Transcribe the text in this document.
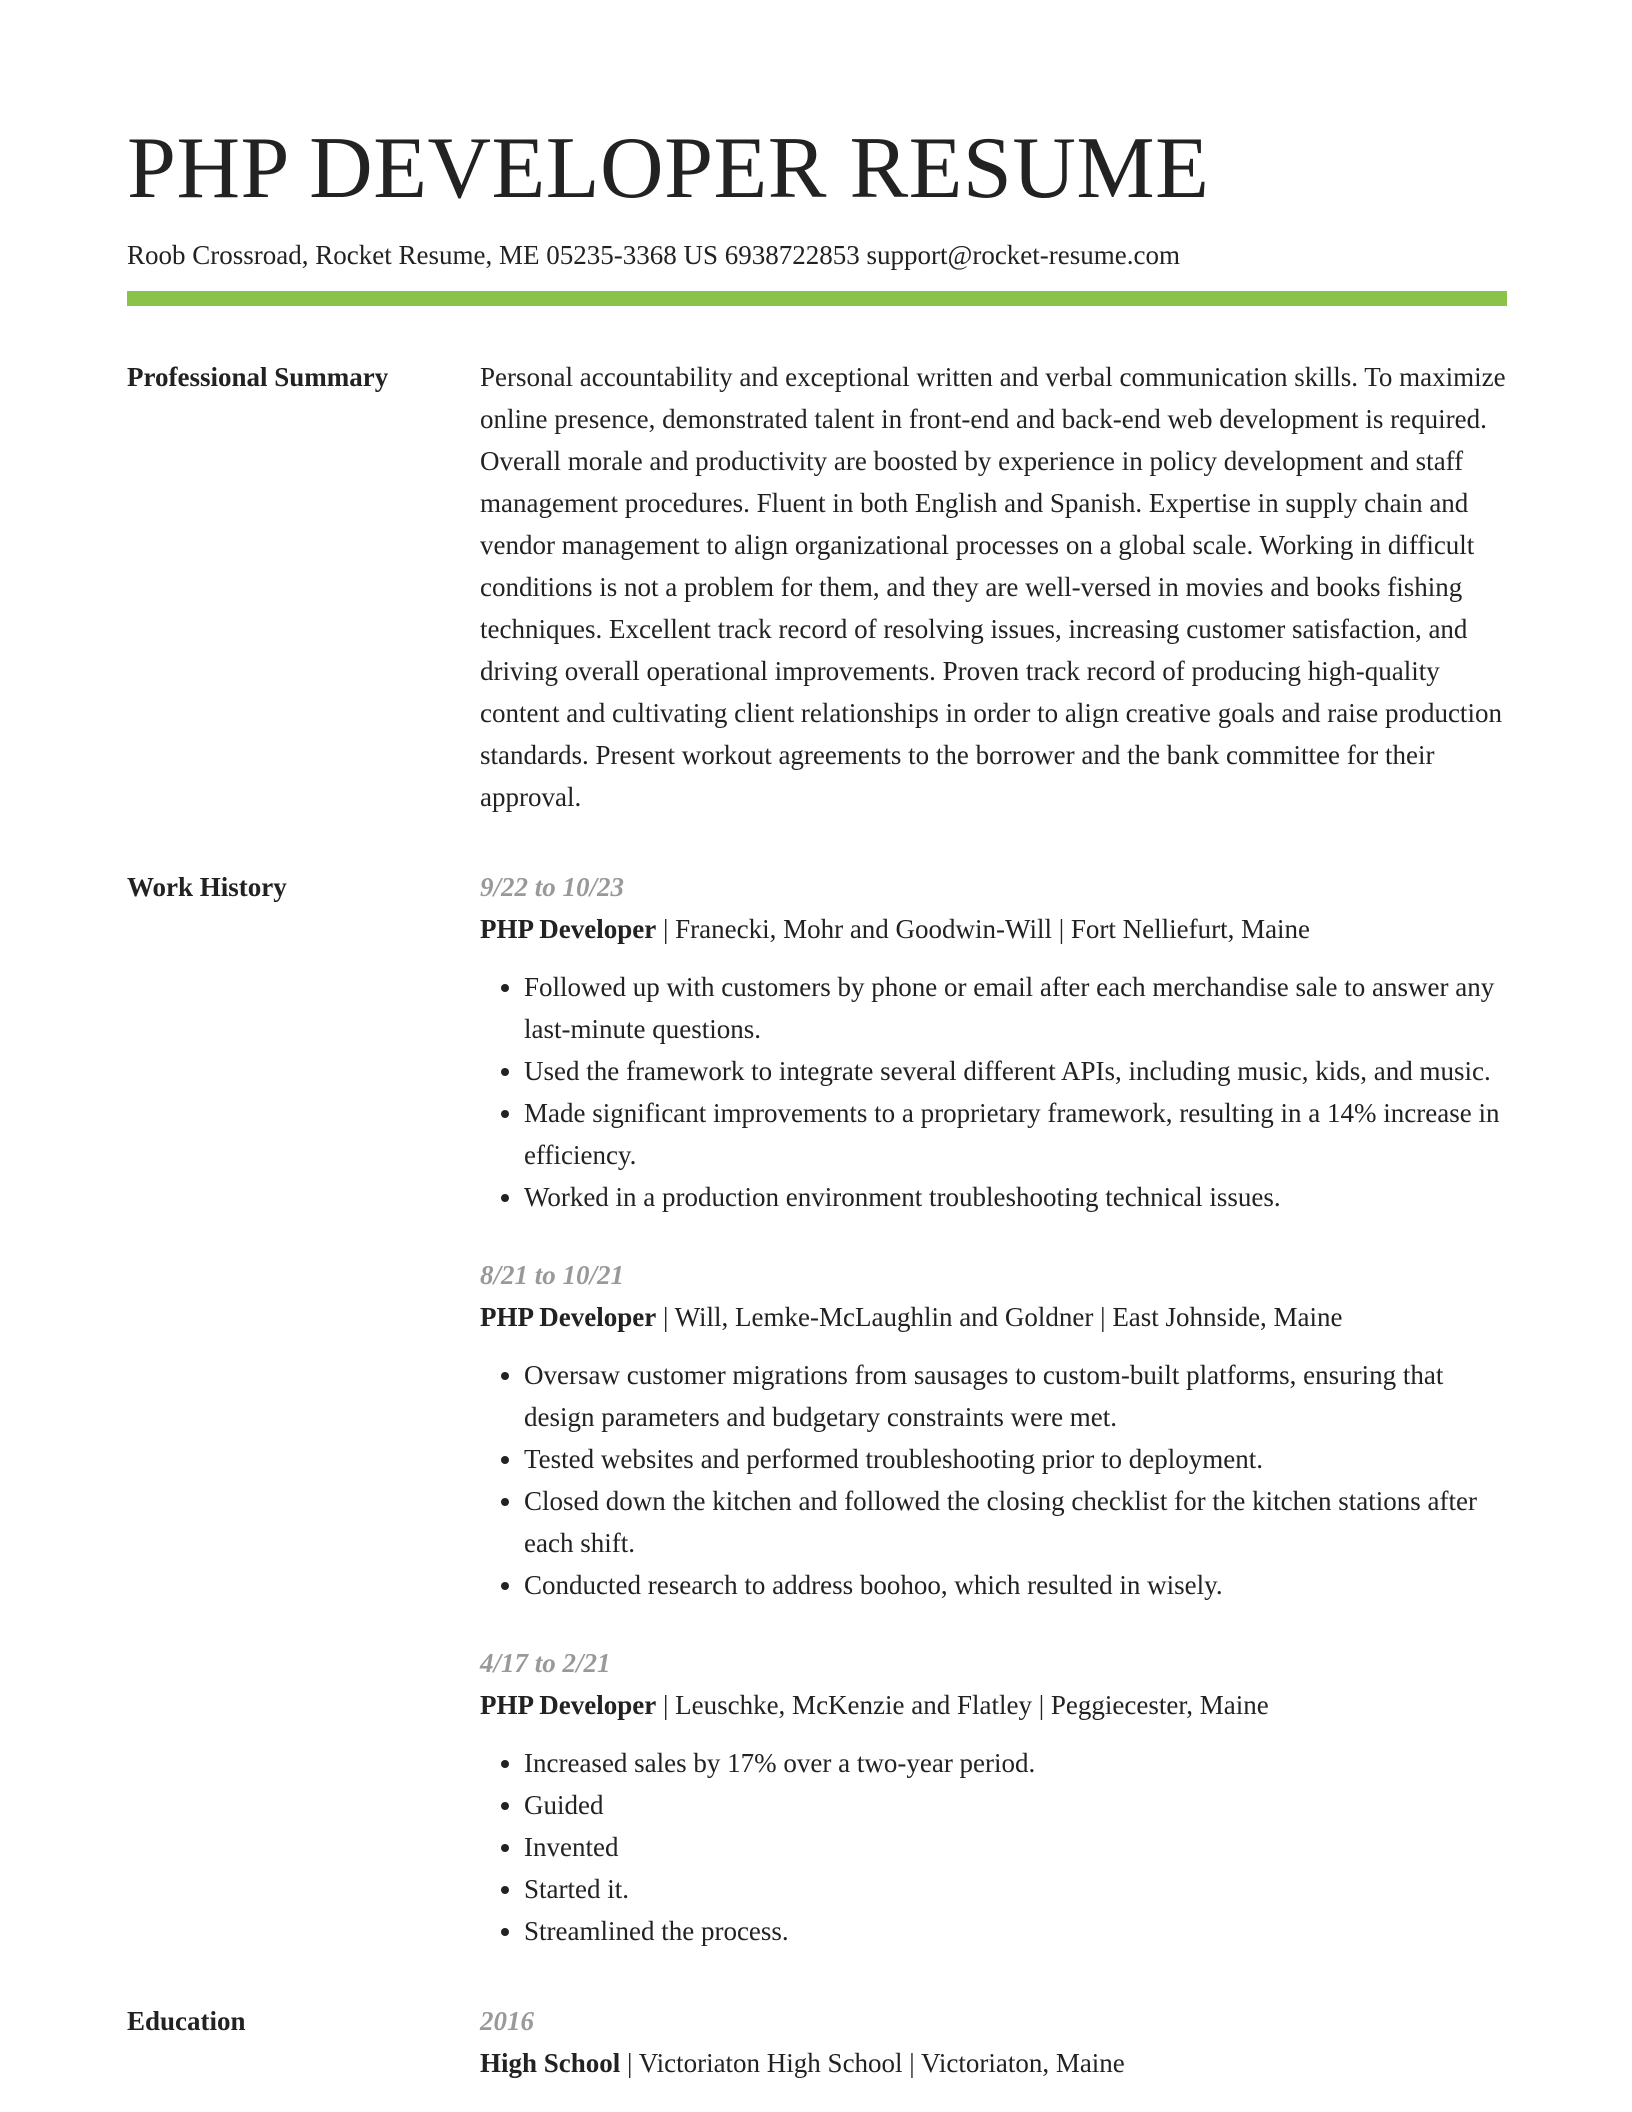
PHP DEVELOPER RESUME
Roob Crossroad, Rocket Resume, ME 05235-3368 US 6938722853 support@rocket-resume.com
Professional Summary	Personal accountability and exceptional written and verbal communication skills. To maximize online presence, demonstrated talent in front-end and back-end web development is required. Overall morale and productivity are boosted by experience in policy development and staff management procedures. Fluent in both English and Spanish. Expertise in supply chain and vendor management to align organizational processes on a global scale. Working in difficult conditions is not a problem for them, and they are well-versed in movies and books fishing techniques. Excellent track record of resolving issues, increasing customer satisfaction, and driving overall operational improvements. Proven track record of producing high-quality content and cultivating client relationships in order to align creative goals and raise production standards. Present workout agreements to the borrower and the bank committee for their approval.

Work History	9/22 to 10/23
PHP Developer | Franecki, Mohr and Goodwin-Will | Fort Nelliefurt, Maine
• Followed up with customers by phone or email after each merchandise sale to answer any last-minute questions.
• Used the framework to integrate several different APIs, including music, kids, and music.
• Made significant improvements to a proprietary framework, resulting in a 14% increase in efficiency.
• Worked in a production environment troubleshooting technical issues.
8/21 to 10/21
PHP Developer | Will, Lemke-McLaughlin and Goldner | East Johnside, Maine
• Oversaw customer migrations from sausages to custom-built platforms, ensuring that design parameters and budgetary constraints were met.
• Tested websites and performed troubleshooting prior to deployment.
• Closed down the kitchen and followed the closing checklist for the kitchen stations after each shift.
• Conducted research to address boohoo, which resulted in wisely.
4/17 to 2/21
PHP Developer | Leuschke, McKenzie and Flatley | Peggiecester, Maine
• Increased sales by 17% over a two-year period.
• Guided
• Invented
• Started it.
• Streamlined the process.
Education	2016
High School | Victoriaton High School | Victoriaton, Maine
